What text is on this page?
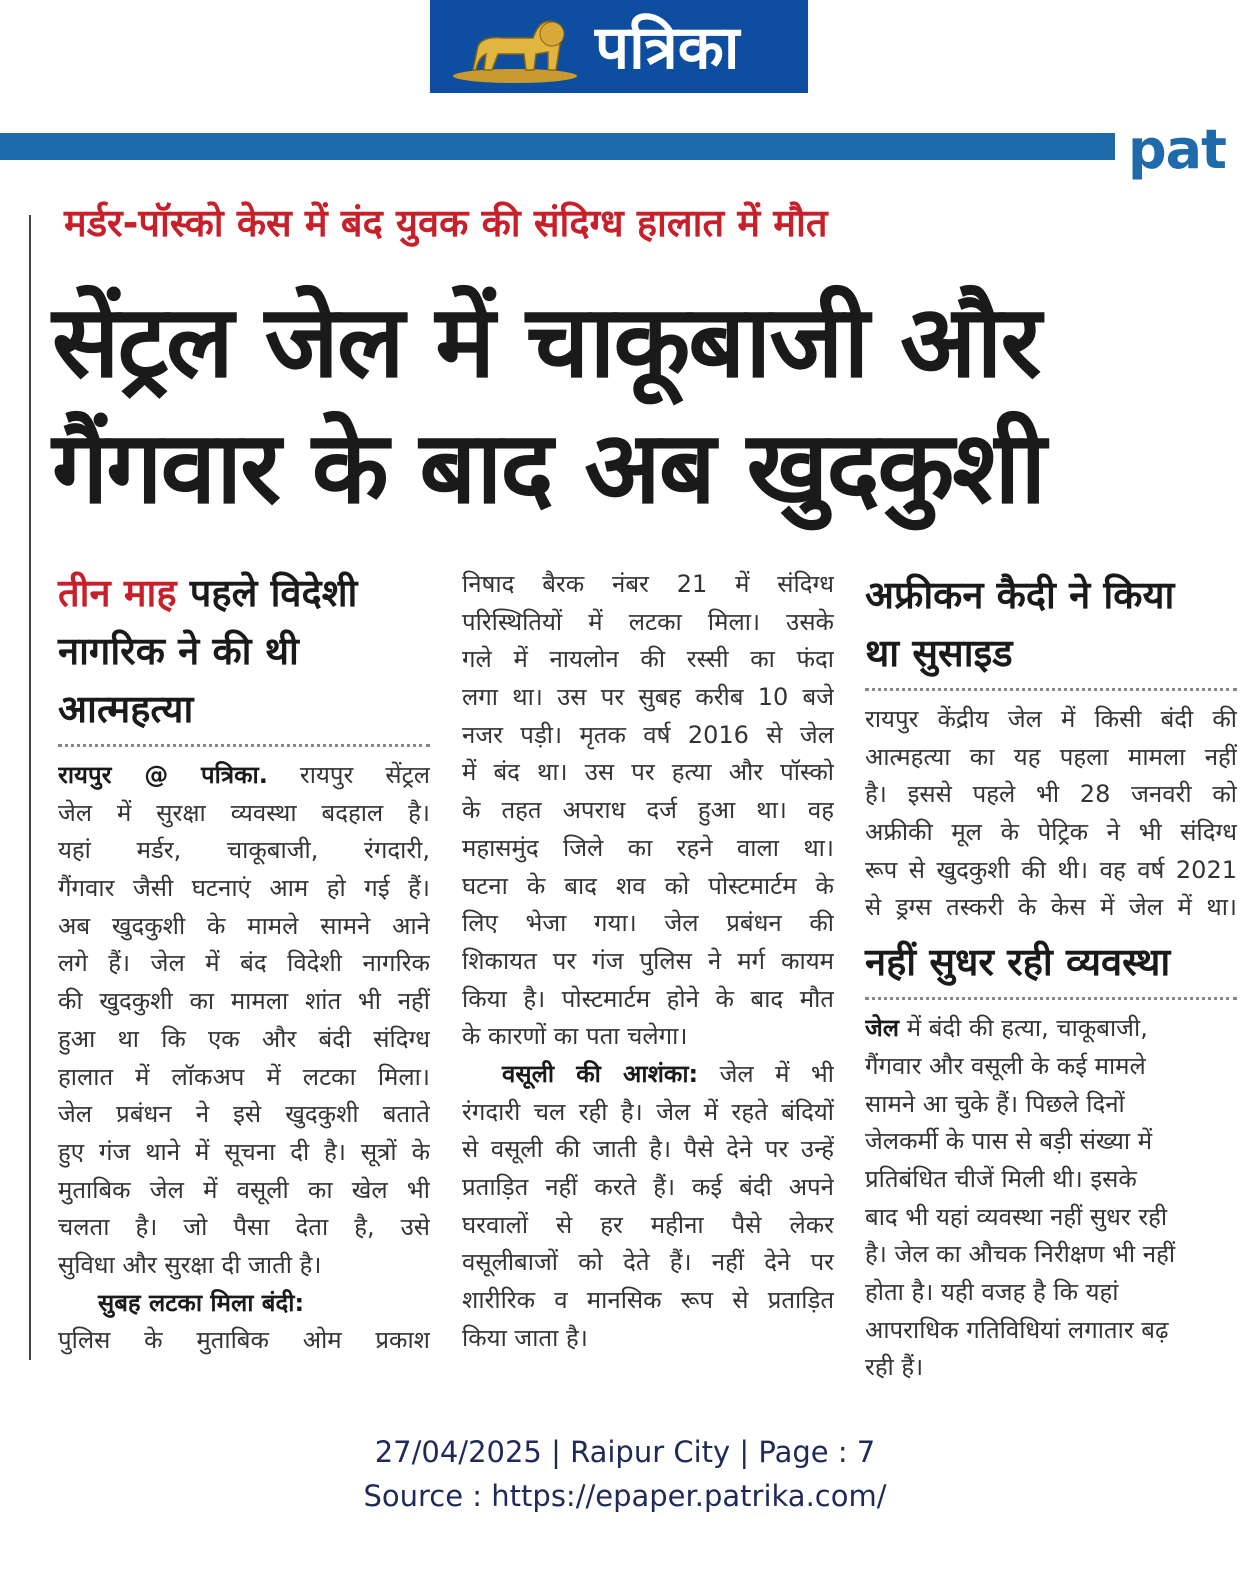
पत्रिका
pat
मर्डर-पॉस्को केस में बंद युवक की संदिग्ध हालात में मौत
सेंट्रल जेल में चाकूबाजी और
गैंगवार के बाद अब खुदकुशी
तीन माह पहले विदेशी नागरिक ने की थी आत्महत्या
रायपुर @ पत्रिका. रायपुर सेंट्रल
जेल में सुरक्षा व्यवस्था बदहाल है।
यहां मर्डर, चाकूबाजी, रंगदारी,
गैंगवार जैसी घटनाएं आम हो गई हैं।
अब खुदकुशी के मामले सामने आने
लगे हैं। जेल में बंद विदेशी नागरिक
की खुदकुशी का मामला शांत भी नहीं
हुआ था कि एक और बंदी संदिग्ध
हालात में लॉकअप में लटका मिला।
जेल प्रबंधन ने इसे खुदकुशी बताते
हुए गंज थाने में सूचना दी है। सूत्रों के
मुताबिक जेल में वसूली का खेल भी
चलता है। जो पैसा देता है, उसे
सुविधा और सुरक्षा दी जाती है।
सुबह लटका मिला बंदी:
पुलिस के मुताबिक ओम प्रकाश
निषाद बैरक नंबर 21 में संदिग्ध
परिस्थितियों में लटका मिला। उसके
गले में नायलोन की रस्सी का फंदा
लगा था। उस पर सुबह करीब 10 बजे
नजर पड़ी। मृतक वर्ष 2016 से जेल
में बंद था। उस पर हत्या और पॉस्को
के तहत अपराध दर्ज हुआ था। वह
महासमुंद जिले का रहने वाला था।
घटना के बाद शव को पोस्टमार्टम के
लिए भेजा गया। जेल प्रबंधन की
शिकायत पर गंज पुलिस ने मर्ग कायम
किया है। पोस्टमार्टम होने के बाद मौत
के कारणों का पता चलेगा।
वसूली की आशंका: जेल में भी
रंगदारी चल रही है। जेल में रहते बंदियों
से वसूली की जाती है। पैसे देने पर उन्हें
प्रताड़ित नहीं करते हैं। कई बंदी अपने
घरवालों से हर महीना पैसे लेकर
वसूलीबाजों को देते हैं। नहीं देने पर
शारीरिक व मानसिक रूप से प्रताड़ित
किया जाता है।
अफ्रीकन कैदी ने किया था सुसाइड
रायपुर केंद्रीय जेल में किसी बंदी की
आत्महत्या का यह पहला मामला नहीं
है। इससे पहले भी 28 जनवरी को
अफ्रीकी मूल के पेट्रिक ने भी संदिग्ध
रूप से खुदकुशी की थी। वह वर्ष 2021
से ड्रग्स तस्करी के केस में जेल में था।
नहीं सुधर रही व्यवस्था
जेल में बंदी की हत्या, चाकूबाजी,
गैंगवार और वसूली के कई मामले
सामने आ चुके हैं। पिछले दिनों
जेलकर्मी के पास से बड़ी संख्या में
प्रतिबंधित चीजें मिली थी। इसके
बाद भी यहां व्यवस्था नहीं सुधर रही
है। जेल का औचक निरीक्षण भी नहीं
होता है। यही वजह है कि यहां
आपराधिक गतिविधियां लगातार बढ़
रही हैं।
27/04/2025 | Raipur City | Page : 7
Source : https://epaper.patrika.com/
